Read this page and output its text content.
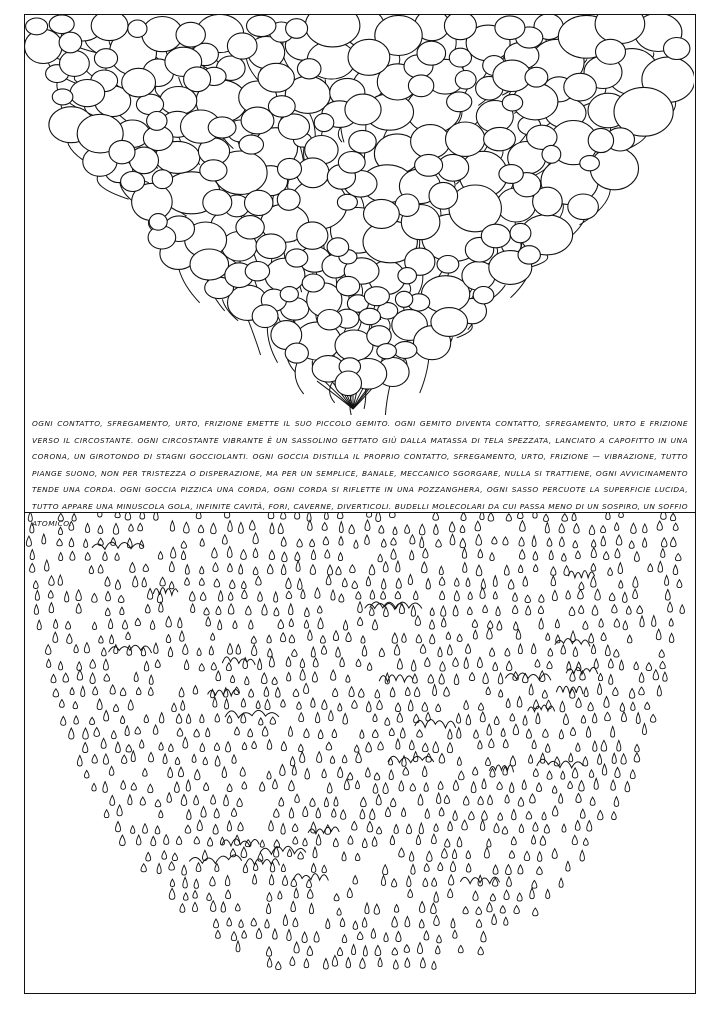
OGNI CONTATTO, SFREGAMENTO, URTO, FRIZIONE EMETTE IL SUO PICCOLO GEMITO. OGNI GEMITO DIVENTA CONTATTO, SFREGAMENTO, URTO E FRIZIONE VERSO IL CIRCOSTANTE. OGNI CIRCOSTANTE VIBRANTE È UN SASSOLINO GETTATO GIÙ DALLA MATASSA DI TELA SPEZZATA, LANCIATO A CAPOFITTO IN UNA CORONA, UN GIROTONDO DI STAGNI GOCCIOLANTI. OGNI GOCCIA DISTILLA IL PROPRIO CONTATTO, SFREGAMENTO, URTO, FRIZIONE — VIBRAZIONE, TUTTO PIANGE SUONO, NON PER TRISTEZZA O DISPERAZIONE, MA PER UN SEMPLICE, BANALE, MECCANICO SGORGARE, NULLA SI TRATTIENE, OGNI AVVICINAMENTO TENDE UNA CORDA. OGNI GOCCIA PIZZICA UNA CORDA, OGNI CORDA SI RIFLETTE IN UNA POZZANGHERA, OGNI SASSO PERCUOTE LA SUPERFICIE LUCIDA, TUTTO APPARE UNA MINUSCOLA GOLA, INFINITE CAVITÀ, FORI, CAVERNE, DIVERTICOLI. BUDELLI MOLECOLARI DA CUI PASSA MENO DI UN SOSPIRO, UN SOFFIO ATOMICO.
